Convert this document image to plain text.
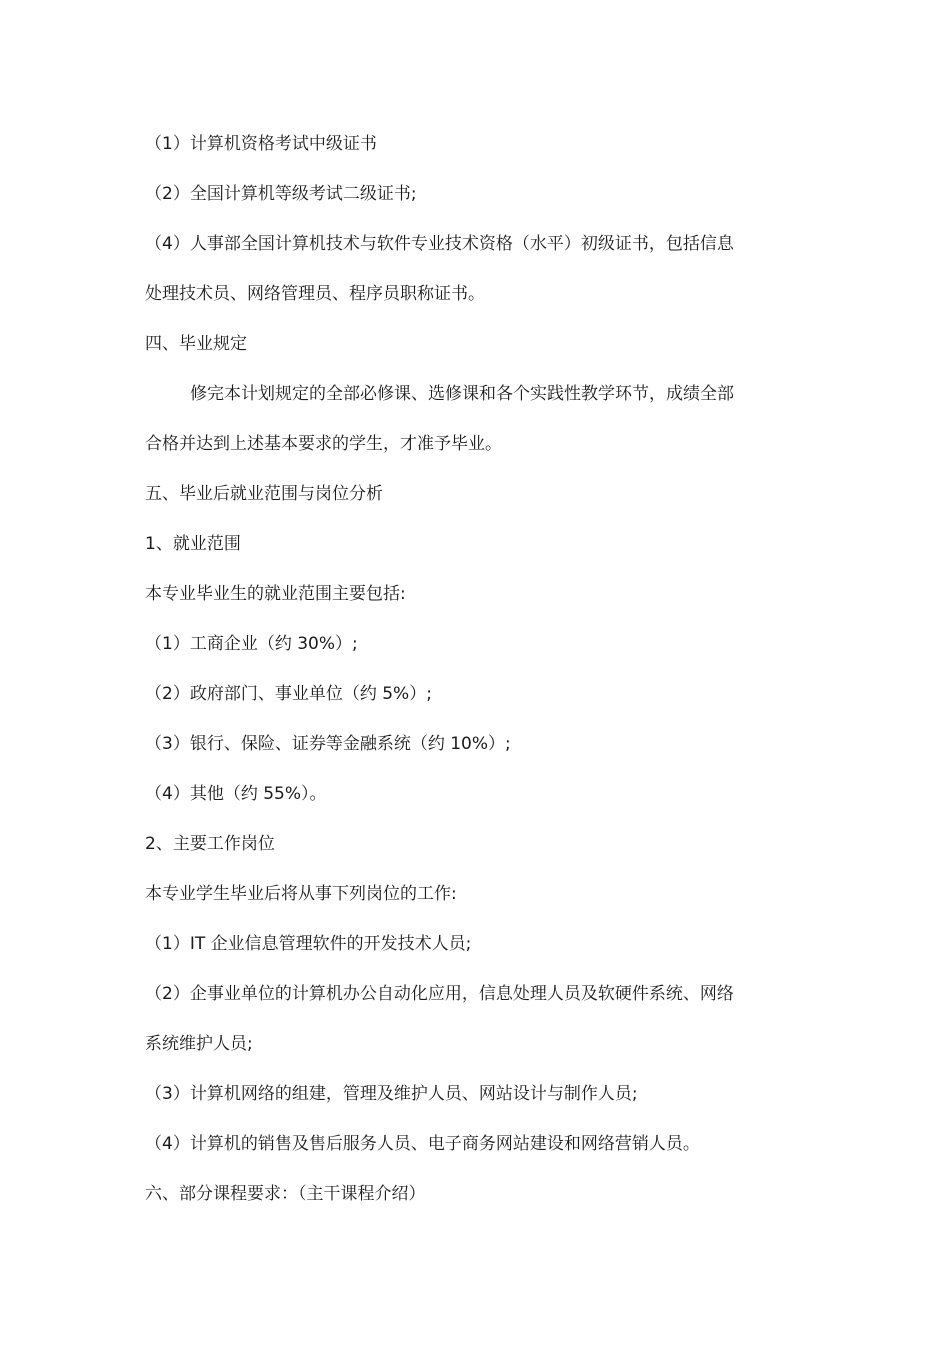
（1）计算机资格考试中级证书
（2）全国计算机等级考试二级证书;
（4）人事部全国计算机技术与软件专业技术资格（水平）初级证书，包括信息
处理技术员、网络管理员、程序员职称证书。
四、毕业规定
修完本计划规定的全部必修课、选修课和各个实践性教学环节，成绩全部
合格并达到上述基本要求的学生，才准予毕业。
五、毕业后就业范围与岗位分析
1、就业范围
本专业毕业生的就业范围主要包括:
（1）工商企业（约 30%）;
（2）政府部门、事业单位（约 5%）;
（3）银行、保险、证券等金融系统（约 10%）;
（4）其他（约 55%）。
2、主要工作岗位
本专业学生毕业后将从事下列岗位的工作:
（1）IT 企业信息管理软件的开发技术人员;
（2）企事业单位的计算机办公自动化应用，信息处理人员及软硬件系统、网络
系统维护人员;
（3）计算机网络的组建，管理及维护人员、网站设计与制作人员;
（4）计算机的销售及售后服务人员、电子商务网站建设和网络营销人员。
六、部分课程要求：（主干课程介绍）
